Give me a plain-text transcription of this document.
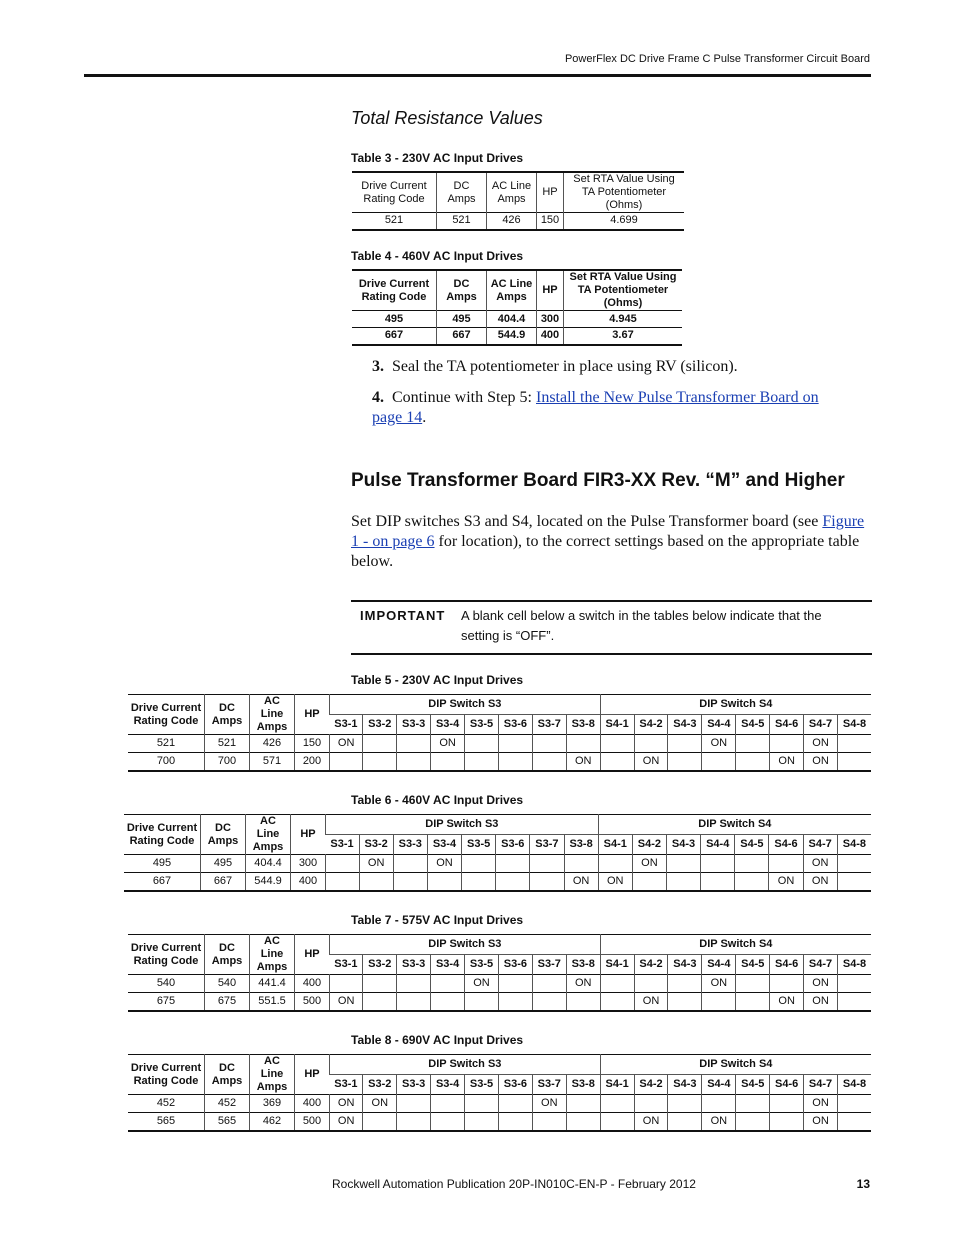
PowerFlex DC Drive Frame C Pulse Transformer Circuit Board
Total Resistance Values
Table 3 - 230V AC Input Drives
Drive Current Rating Code	DC Amps	AC Line Amps	HP	Set RTA Value Using TA Potentiometer (Ohms)
521	521	426	150	4.699
Table 4 - 460V AC Input Drives
Drive Current Rating Code	DC Amps	AC Line Amps	HP	Set RTA Value Using TA Potentiometer (Ohms)
495	495	404.4	300	4.945
667	667	544.9	400	3.67
3. Seal the TA potentiometer in place using RV (silicon).
4. Continue with Step 5: Install the New Pulse Transformer Board on page 14.
Pulse Transformer Board FIR3-XX Rev. “M” and Higher
Set DIP switches S3 and S4, located on the Pulse Transformer board (see Figure 1 - on page 6 for location), to the correct settings based on the appropriate table below.
IMPORTANT A blank cell below a switch in the tables below indicate that the setting is “OFF”.
Table 5 - 230V AC Input Drives
Drive Current Rating Code	DC Amps	AC Line Amps	HP	DIP Switch S3								DIP Switch S4							
				S3-1	S3-2	S3-3	S3-4	S3-5	S3-6	S3-7	S3-8	S4-1	S4-2	S4-3	S4-4	S4-5	S4-6	S4-7	S4-8
521	521	426	150	ON			ON								ON			ON	
700	700	571	200								ON		ON				ON	ON	
Table 6 - 460V AC Input Drives
Drive Current Rating Code	DC Amps	AC Line Amps	HP	DIP Switch S3								DIP Switch S4							
				S3-1	S3-2	S3-3	S3-4	S3-5	S3-6	S3-7	S3-8	S4-1	S4-2	S4-3	S4-4	S4-5	S4-6	S4-7	S4-8
495	495	404.4	300		ON		ON						ON					ON	
667	667	544.9	400								ON	ON					ON	ON	
Table 7 - 575V AC Input Drives
Drive Current Rating Code	DC Amps	AC Line Amps	HP	DIP Switch S3								DIP Switch S4							
				S3-1	S3-2	S3-3	S3-4	S3-5	S3-6	S3-7	S3-8	S4-1	S4-2	S4-3	S4-4	S4-5	S4-6	S4-7	S4-8
540	540	441.4	400					ON			ON				ON			ON	
675	675	551.5	500	ON									ON				ON	ON	
Table 8 - 690V AC Input Drives
Drive Current Rating Code	DC Amps	AC Line Amps	HP	DIP Switch S3								DIP Switch S4							
				S3-1	S3-2	S3-3	S3-4	S3-5	S3-6	S3-7	S3-8	S4-1	S4-2	S4-3	S4-4	S4-5	S4-6	S4-7	S4-8
452	452	369	400	ON	ON					ON								ON	
565	565	462	500	ON									ON		ON			ON	
Rockwell Automation Publication 20P-IN010C-EN-P - February 2012	13
